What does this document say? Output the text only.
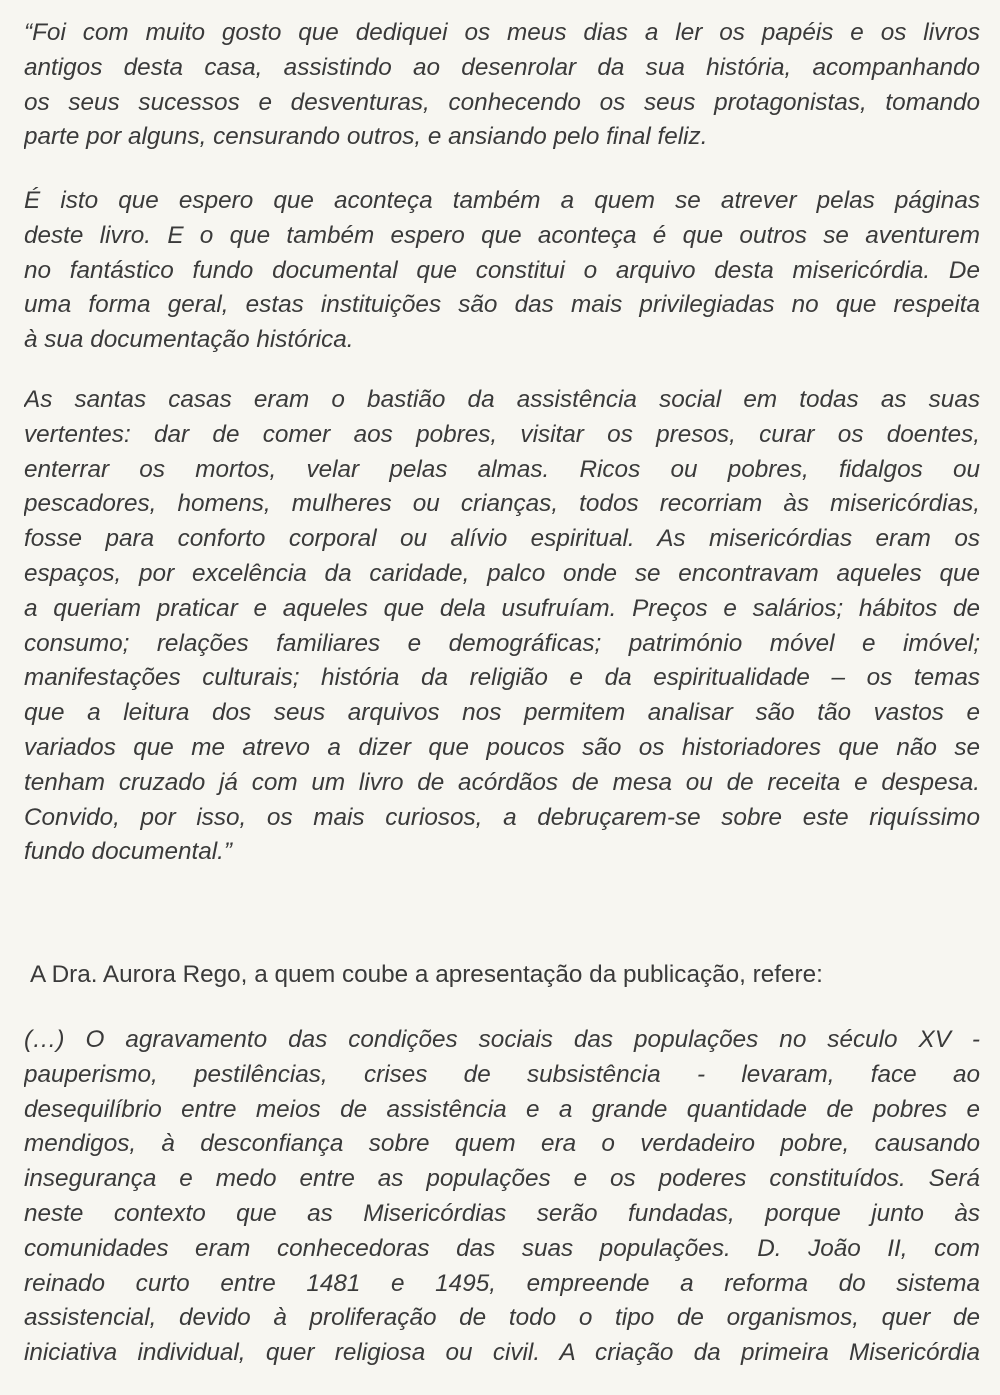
“Foi com muito gosto que dediquei os meus dias a ler os papéis e os livros
antigos desta casa, assistindo ao desenrolar da sua história, acompanhando
os seus sucessos e desventuras, conhecendo os seus protagonistas, tomando
parte por alguns, censurando outros, e ansiando pelo final feliz.

É isto que espero que aconteça também a quem se atrever pelas páginas
deste livro. E o que também espero que aconteça é que outros se aventurem
no fantástico fundo documental que constitui o arquivo desta misericórdia. De
uma forma geral, estas instituições são das mais privilegiadas no que respeita
à sua documentação histórica.

As santas casas eram o bastião da assistência social em todas as suas
vertentes: dar de comer aos pobres, visitar os presos, curar os doentes,
enterrar os mortos, velar pelas almas. Ricos ou pobres, fidalgos ou
pescadores, homens, mulheres ou crianças, todos recorriam às misericórdias,
fosse para conforto corporal ou alívio espiritual. As misericórdias eram os
espaços, por excelência da caridade, palco onde se encontravam aqueles que
a queriam praticar e aqueles que dela usufruíam. Preços e salários; hábitos de
consumo; relações familiares e demográficas; património móvel e imóvel;
manifestações culturais; história da religião e da espiritualidade – os temas
que a leitura dos seus arquivos nos permitem analisar são tão vastos e
variados que me atrevo a dizer que poucos são os historiadores que não se
tenham cruzado já com um livro de acórdãos de mesa ou de receita e despesa.
Convido, por isso, os mais curiosos, a debruçarem-se sobre este riquíssimo
fundo documental.”

A Dra. Aurora Rego, a quem coube a apresentação da publicação, refere:

(…) O agravamento das condições sociais das populações no século XV -
pauperismo, pestilências, crises de subsistência - levaram, face ao
desequilíbrio entre meios de assistência e a grande quantidade de pobres e
mendigos, à desconfiança sobre quem era o verdadeiro pobre, causando
insegurança e medo entre as populações e os poderes constituídos. Será
neste contexto que as Misericórdias serão fundadas, porque junto às
comunidades eram conhecedoras das suas populações. D. João II, com
reinado curto entre 1481 e 1495, empreende a reforma do sistema
assistencial, devido à proliferação de todo o tipo de organismos, quer de
iniciativa individual, quer religiosa ou civil. A criação da primeira Misericórdia
